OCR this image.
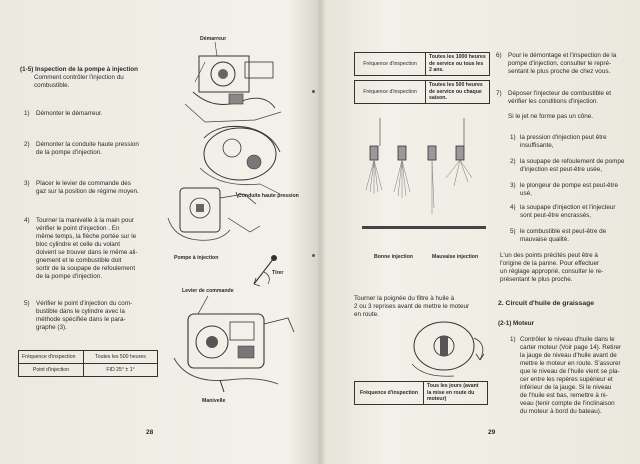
(1-5) Inspection de la pompe à injection
Comment contrôler l'injection du
combustible.
1) Démonter le démarreur.
2) Démonter la conduite haute pression
de la pompe d'injection.
3) Placer le levier de commande des
gaz sur la position de régime moyen.
4) Tourner la manivelle à la main pour
vérifier le point d'injection . En
même temps, la flèche portée sur le
bloc cylindre et celle du volant
doivent se trouver dans le même ali-
gnement et le combustible doit
sortir de la soupape de refoulement
de la pompe d'injection.
5) Vérifier le point d'injection du com-
bustible dans le cylindre avec la
méthode spécifiée dans le para-
graphe (3).
Fréquence d'inspection	Toutes les 500 heures
Point d'injection	FID 25° ± 1°
Démarreur
Conduite haute pression
Pompe à injection
Tirer
Levier de commande
Manivelle
28
Fréquence d'inspection	Toutes les 1000 heures de service ou tous les 2 ans.
Fréquence d'inspection	Toutes les 500 heures de service ou chaque saison.
6) Pour le démontage et l'inspection de la
pompe d'injection, consulter le repré-
sentant le plus proche de chez vous.
7) Déposer l'injecteur de combustible et
vérifier les conditions d'injection.
Si le jet ne forme pas un cône.
1) la pression d'injection peut être
insuffisante,
2) la soupape de refoulement de pompe
d'injection est peut-être usée,
3) le plongeur de pompe est peut-être
usé,
4) la soupape d'injection et l'injecteur
sont peut-être encrassés,
5) le combustible est peut-être de
mauvaise qualité.
L'un des points précités peut être à
l'origine de la panne. Pour effectuer
un réglage approprié, consulter le re-
présentant le plus proche.
Bonne injection	Mauvaise injection
Tourner la poignée du filtre à huile à
2 ou 3 reprises avant de mettre le moteur
en route.
Fréquence d'inspection	Tous les jours (avant la mise en route du moteur)
2. Circuit d'huile de graissage
(2-1) Moteur
1) Contrôler le niveau d'huile dans le
carter moteur (Voir page 14). Retirer
la jauge de niveau d'huile avant de
mettre le moteur en route. S'assurer
que le niveau de l'huile vient se pla-
cer entre les repères supérieur et
inférieur de la jauge. Si le niveau
de l'huile est bas, remettre à ni-
veau (tenir compte de l'inclinaison
du moteur à bord du bateau).
29
